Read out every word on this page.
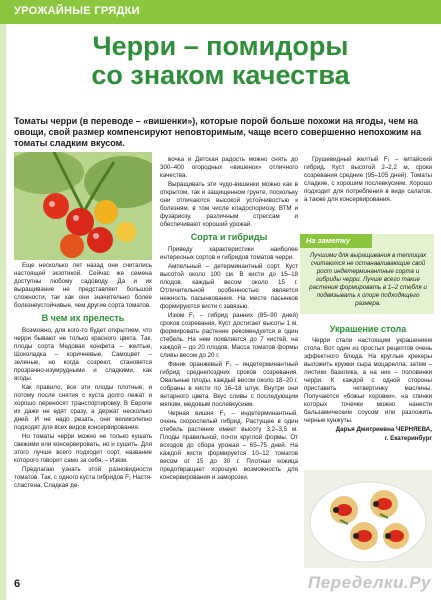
УРОЖАЙНЫЕ ГРЯДКИ
Черри – помидоры
со знаком качества
Томаты черри (в переводе – «вишенки»), которые порой больше похожи на ягоды, чем на овощи, свой размер компенсируют неповторимым, чаще всего совершенно непохожим на томаты сладким вкусом.

Еще несколько лет назад они считались настоящей экзотикой. Сейчас же семена доступны любому садоводу. Да и их выращивание не представляет большой сложности, так как они значительно более болезнеустойчивые, чем другие сорта томатов.

В чем их прелесть

Возможно, для кого-то будет открытием, что черри бывают не только красного цвета. Так, плоды сорта Медовая конфета – желтые, Шоколадка – коричневые, Самоцвет – зеленые, но когда созреют, становятся прозрачно-изумрудными и сладкими, как ягоды.

Как правило, все эти плоды плотные, и потому после снятия с куста долго лежат и хорошо переносят транспортировку. В Европе их даже не едят сразу, а держат несколько дней. И не надо резать, они великолепно подходят для всех видов консервирования.

Но томаты черри можно не только кушать свежими или консервировать, но и сушить. Для этого лучше всего подходит сорт, название которого говорит само за себя, – Изюм.

Предлагаю узнать этой разновидности томатов. Так, с одного куста гибридов F₁ Настя-сластена, Сладкая де-

вочка и Детская радость можно снять до 300–400 огородных «вишенок» отличного качества.

Выращивать эти чудо-вишенки можно как в открытом, так и защищенном грунте, поскольку они отличаются высокой устойчивостью к болезням, в том числе кладоспориозу, ВТМ и фузариозу, различным стрессам и обеспечивают хороший урожай.

Сорта и гибриды

Приведу характеристики наиболее интересных сортов и гибридов томатов черри.

Ампельный – детерминантный сорт. Куст высотой около 100 см. В кисти до 15–18 плодов, каждый весом около 15 г. Отличительной особенностью является нежность пасынкования. На месте пасынков формируются кисти с завязью.

Изюм F₁ – гибрид ранних (85–90 дней) сроков созревания. Куст достигает высоты 1 м, формировать растение рекомендуется в один стебель. На нем появляется до 7 кистей, на каждой – до 20 плодов. Масса томатов формы сливы весом до 20 г.

Финик оранжевый F₁ – индетерминантный гибрид среднепоздних сроков созревания. Овальные плоды, каждый весом около 18–20 г, собраны в кисти по 16–18 штук. Внутри они янтарного цвета. Вкус сливы с последующим мягким, медовым послевкусием.

Черная вишня F₁ – индетерминантный, очень скороспелый гибрид. Растущее в один стебель растение имеет высоту 3,2–3,5 м. Плоды правильной, почти круглой формы. От всходов до сбора урожая – 65–75 дней. На каждой кисти формируется 10–12 томатов весом от 15 до 30 г. Плотная кожица предотвращает хорошую возможность для консервирования и заморозки.

Грушевидный желтый F₁ – китайский гибрид. Куст высотой 2–2,2 м, сроки созревания средние (95–105 дней). Томаты сладкие, с хорошим послевкусием. Хорошо подходит для потребления в виде салатов, а также для консервирования.

На заметку
Лучшими для выращивания в теплицах считаются не останавливающие свой рост индетерминантные сорта и гибриды черри. Лучше всего такие растения формировать в 1–2 стебля и подвязывать к опоре подходящего размера.
Украшение стола

Черри стали настоящим украшением стола. Вот один из простых рецептов очень эффектного блюда. На круглые крекеры выложить кружки сыра моцарелла, затем – листики базилика, а на них – половинки черри. К каждой с одной стороны приставить четвертинку маслины. Получаются «божьи коровки», на спинки которых точечки можно нанести бальзамическим соусом или разложить черные кунжуты.

Дарья Дмитриевна ЧЕРНЯЕВА,

г. Екатеринбург

6	Переделки.Ру
